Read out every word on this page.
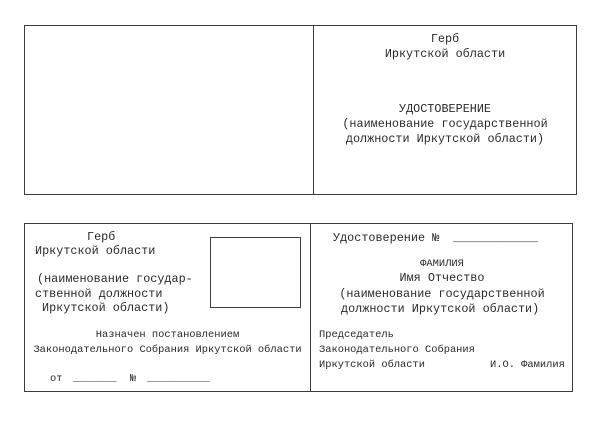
Герб
Иркутской области
УДОСТОВЕРЕНИЕ
(наименование государственной
должности Иркутской области)
Герб
Иркутской области
(наименование государ-
ственной должности
Иркутской области)
Назначен постановлением
Законодательного Собрания Иркутской области
от _______ № __________
Удостоверение № ____________
ФАМИЛИЯ
Имя Отчество
(наименование государственной
должности Иркутской области)
Председатель
Законодательного Собрания
Иркутской области	И.О. Фамилия
